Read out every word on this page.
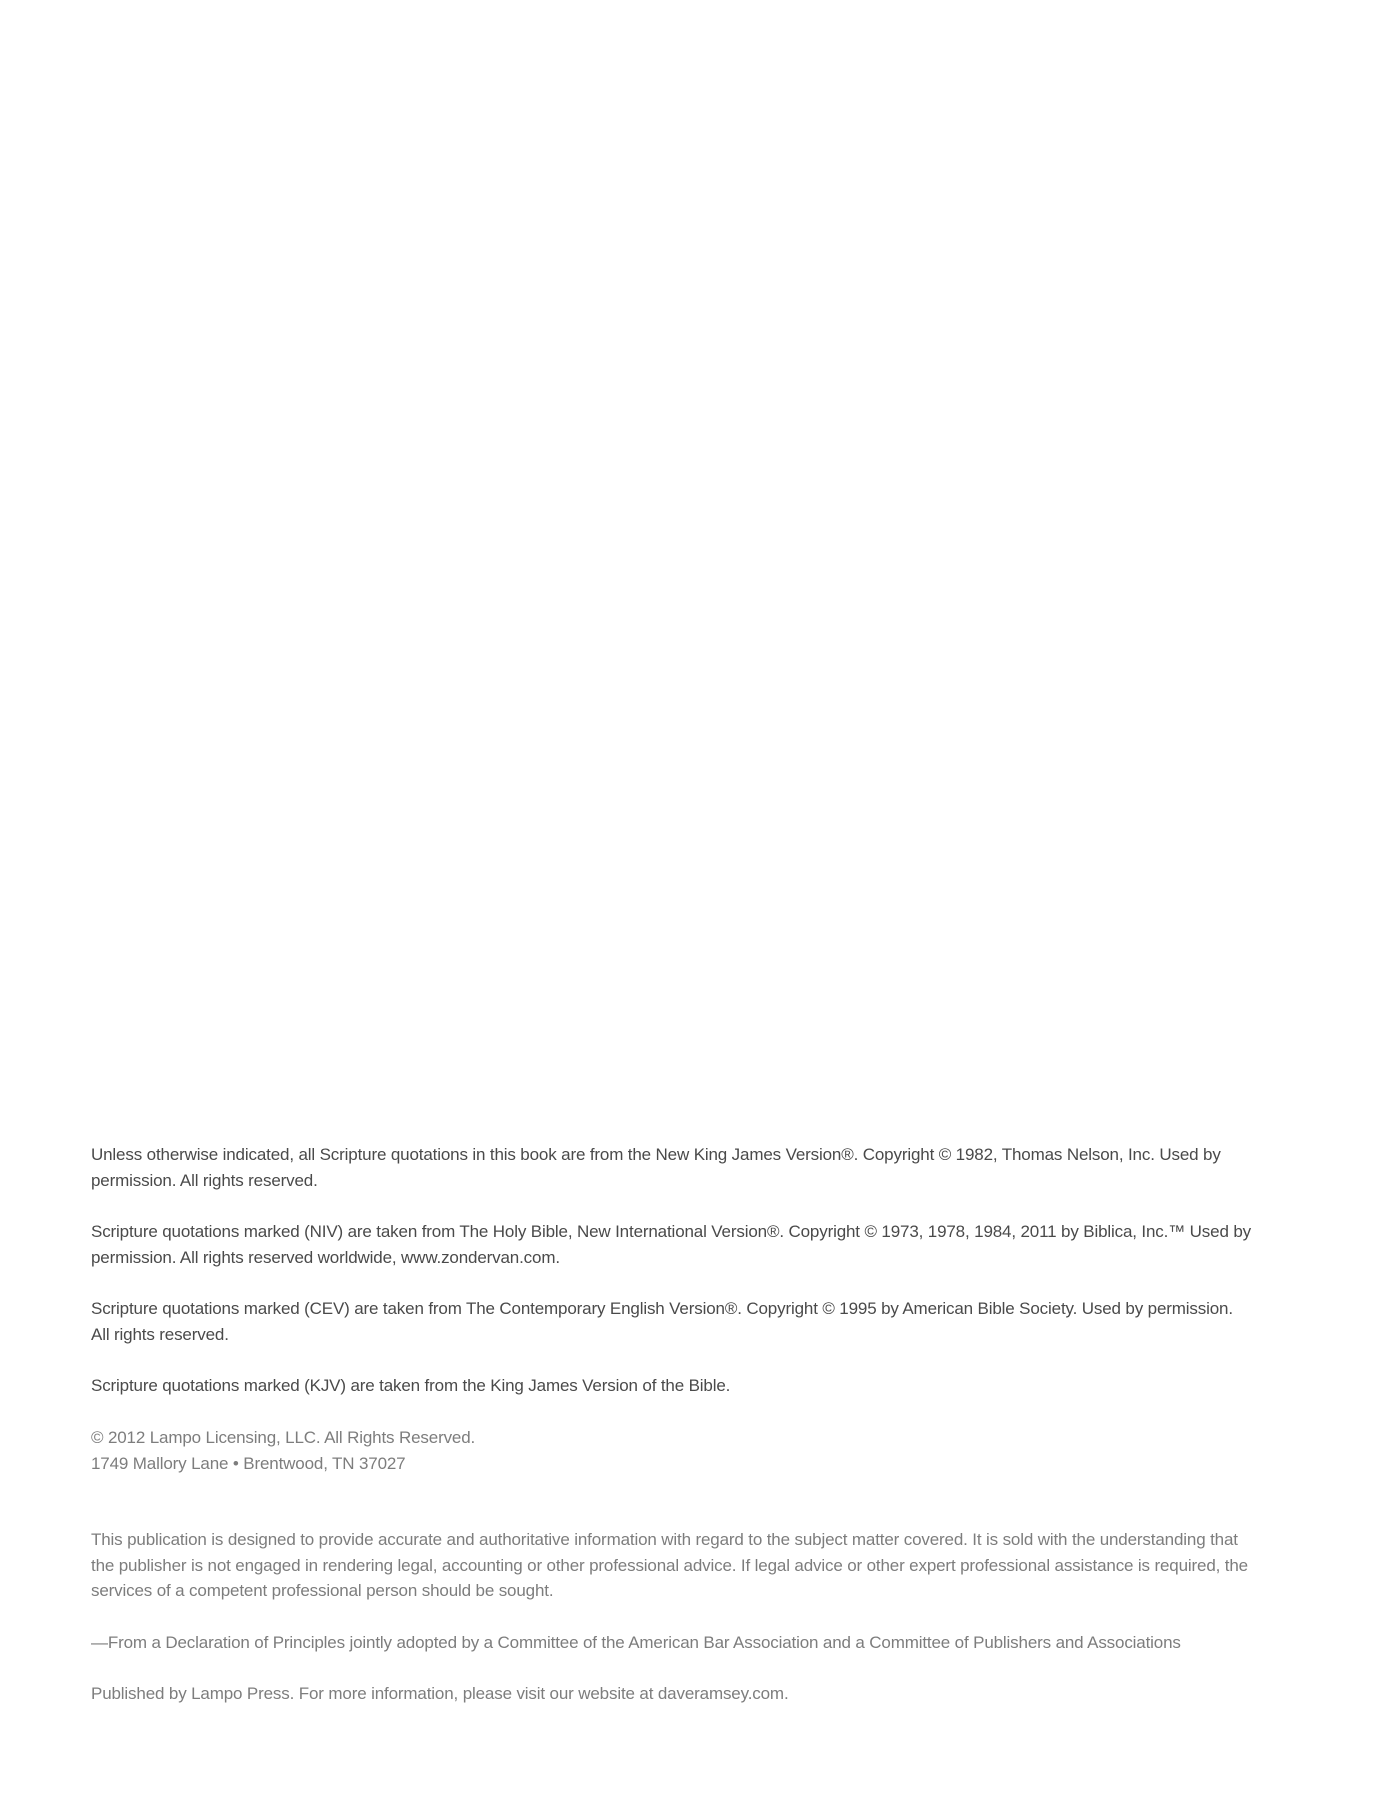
Unless otherwise indicated, all Scripture quotations in this book are from the New King James Version®. Copyright © 1982, Thomas Nelson, Inc. Used by permission. All rights reserved.

Scripture quotations marked (NIV) are taken from The Holy Bible, New International Version®. Copyright © 1973, 1978, 1984, 2011 by Biblica, Inc.™ Used by permission. All rights reserved worldwide, www.zondervan.com.

Scripture quotations marked (CEV) are taken from The Contemporary English Version®. Copyright © 1995 by American Bible Society. Used by permission. All rights reserved.

Scripture quotations marked (KJV) are taken from the King James Version of the Bible.

© 2012 Lampo Licensing, LLC. All Rights Reserved.
1749 Mallory Lane • Brentwood, TN 37027

This publication is designed to provide accurate and authoritative information with regard to the subject matter covered. It is sold with the understanding that the publisher is not engaged in rendering legal, accounting or other professional advice. If legal advice or other expert professional assistance is required, the services of a competent professional person should be sought.

—From a Declaration of Principles jointly adopted by a Committee of the American Bar Association and a Committee of Publishers and Associations

Published by Lampo Press. For more information, please visit our website at daveramsey.com.
